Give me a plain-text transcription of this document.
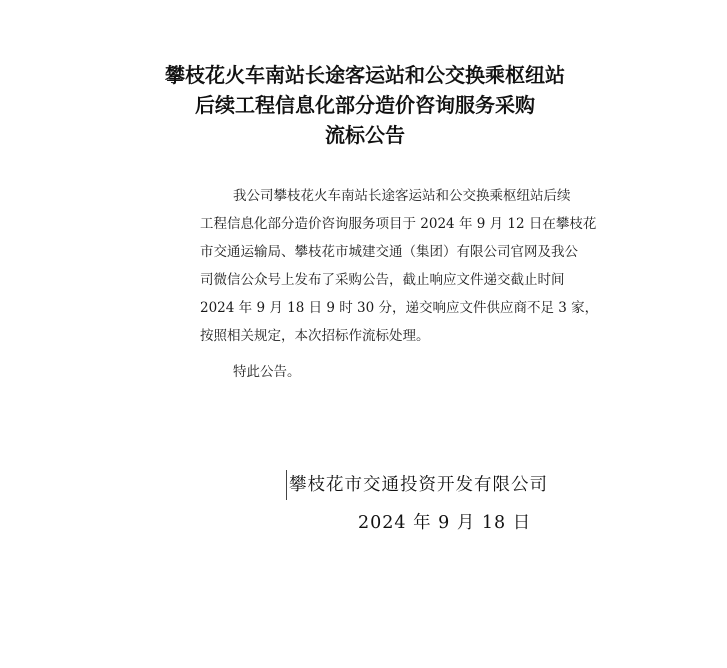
攀枝花火车南站长途客运站和公交换乘枢纽站
后续工程信息化部分造价咨询服务采购
流标公告
我公司攀枝花火车南站长途客运站和公交换乘枢纽站后续
工程信息化部分造价咨询服务项目于 2024 年 9 月 12 日在攀枝花
市交通运输局、攀枝花市城建交通（集团）有限公司官网及我公
司微信公众号上发布了采购公告，截止响应文件递交截止时间
2024 年 9 月 18 日 9 时 30 分，递交响应文件供应商不足 3 家，
按照相关规定，本次招标作流标处理。
特此公告。
攀枝花市交通投资开发有限公司
2024 年 9 月 18 日
